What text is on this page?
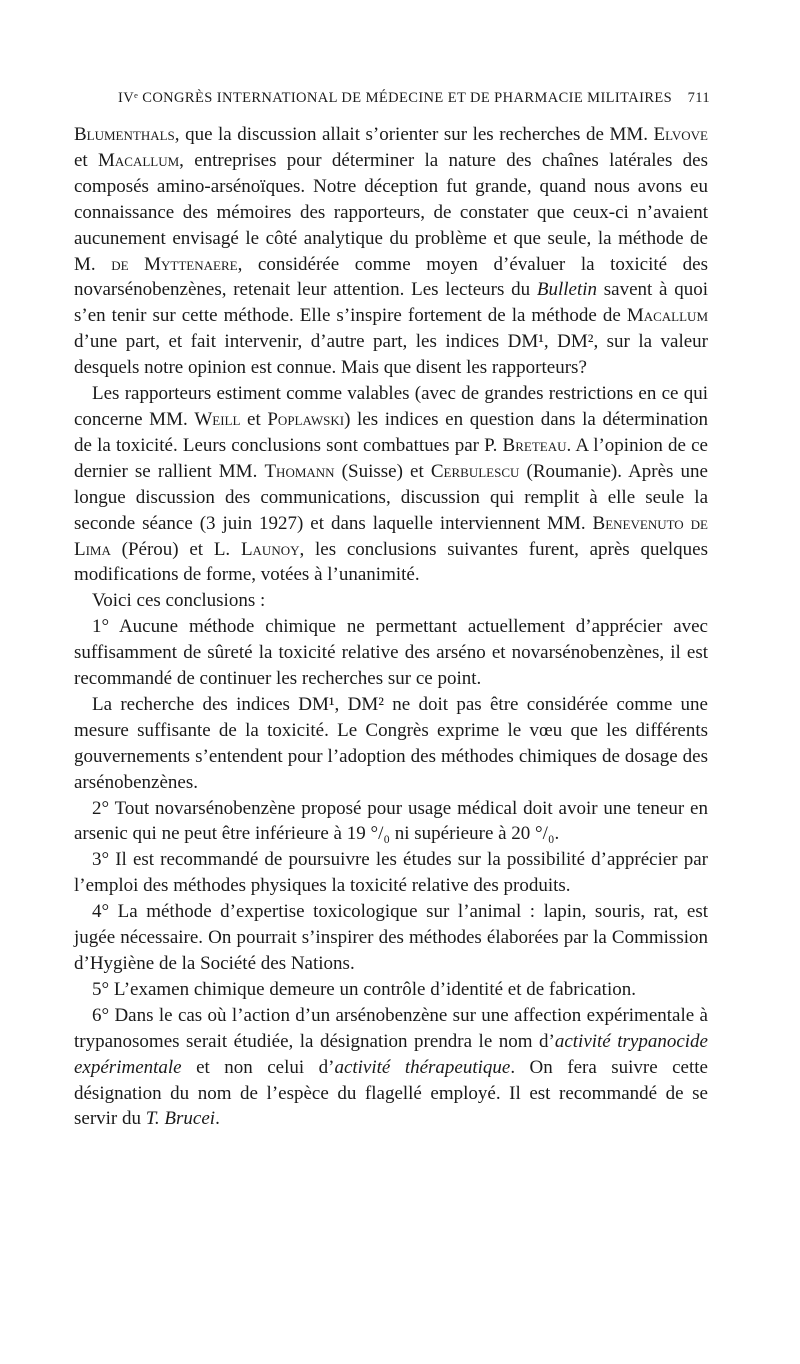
IVᵉ CONGRÈS INTERNATIONAL DE MÉDECINE ET DE PHARMACIE MILITAIRES 711

Blumenthals, que la discussion allait s’orienter sur les recherches de MM. Elvove et Macallum, entreprises pour déterminer la nature des chaînes latérales des composés amino-arsénoïques. Notre déception fut grande, quand nous avons eu connaissance des mémoires des rapporteurs, de constater que ceux-ci n’avaient aucunement envisagé le côté analytique du problème et que seule, la méthode de M. de Myttenaere, considérée comme moyen d’évaluer la toxicité des novarsénobenzènes, retenait leur attention. Les lecteurs du Bulletin savent à quoi s’en tenir sur cette méthode. Elle s’inspire fortement de la méthode de Macallum d’une part, et fait intervenir, d’autre part, les indices DM¹, DM², sur la valeur desquels notre opinion est connue. Mais que disent les rapporteurs?

Les rapporteurs estiment comme valables (avec de grandes restrictions en ce qui concerne MM. Weill et Poplawski) les indices en question dans la détermination de la toxicité. Leurs conclusions sont combattues par P. Breteau. A l’opinion de ce dernier se rallient MM. Thomann (Suisse) et Cerbulescu (Roumanie). Après une longue discussion des communications, discussion qui remplit à elle seule la seconde séance (3 juin 1927) et dans laquelle interviennent MM. Benevenuto de Lima (Pérou) et L. Launoy, les conclusions suivantes furent, après quelques modifications de forme, votées à l’unanimité.

Voici ces conclusions :

1° Aucune méthode chimique ne permettant actuellement d’apprécier avec suffisamment de sûreté la toxicité relative des arséno et novarsénobenzènes, il est recommandé de continuer les recherches sur ce point.

La recherche des indices DM¹, DM² ne doit pas être considérée comme une mesure suffisante de la toxicité. Le Congrès exprime le vœu que les différents gouvernements s’entendent pour l’adoption des méthodes chimiques de dosage des arsénobenzènes.

2° Tout novarsénobenzène proposé pour usage médical doit avoir une teneur en arsenic qui ne peut être inférieure à 19 °/₀ ni supérieure à 20 °/₀.

3° Il est recommandé de poursuivre les études sur la possibilité d’apprécier par l’emploi des méthodes physiques la toxicité relative des produits.

4° La méthode d’expertise toxicologique sur l’animal : lapin, souris, rat, est jugée nécessaire. On pourrait s’inspirer des méthodes élaborées par la Commission d’Hygiène de la Société des Nations.

5° L’examen chimique demeure un contrôle d’identité et de fabrication.

6° Dans le cas où l’action d’un arsénobenzène sur une affection expérimentale à trypanosomes serait étudiée, la désignation prendra le nom d’activité trypanocide expérimentale et non celui d’activité thérapeutique. On fera suivre cette désignation du nom de l’espèce du flagellé employé. Il est recommandé de se servir du T. Brucei.
